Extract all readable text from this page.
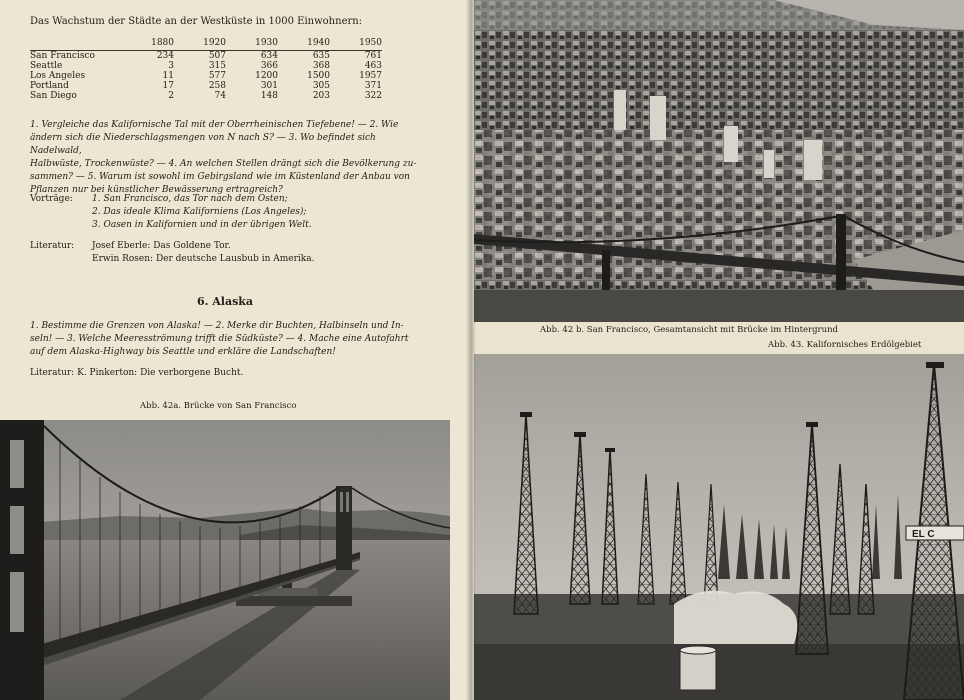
Das Wachstum der Städte an der Westküste in 1000 Einwohnern:
	1880	1920	1930	1940	1950
San Francisco	234	507	634	635	761
Seattle	3	315	366	368	463
Los Angeles	11	577	1200	1500	1957
Portland	17	258	301	305	371
San Diego	2	74	148	203	322
1. Vergleiche das Kalifornische Tal mit der Oberrheinischen Tiefebene! — 2. Wie
ändern sich die Niederschlagsmengen von N nach S? — 3. Wo befindet sich Nadelwald,
Halbwüste, Trockenwüste? — 4. An welchen Stellen drängt sich die Bevölkerung zu-
sammen? — 5. Warum ist sowohl im Gebirgsland wie im Küstenland der Anbau von
Pflanzen nur bei künstlicher Bewässerung ertragreich?
Vorträge: 1. San Francisco, das Tor nach dem Osten;
2. Das ideale Klima Kaliforniens (Los Angeles);
3. Oasen in Kalifornien und in der übrigen Welt.
Literatur: Josef Eberle: Das Goldene Tor.
Erwin Rosen: Der deutsche Lausbub in Amerika.
6. Alaska
1. Bestimme die Grenzen von Alaska! — 2. Merke dir Buchten, Halbinseln und In-
seln! — 3. Welche Meeresströmung trifft die Südküste? — 4. Mache eine Autofahrt
auf dem Alaska-Highway bis Seattle und erkläre die Landschaften!
Literatur: K. Pinkerton: Die verborgene Bucht.
Abb. 42a. Brücke von San Francisco
Abb. 42 b. San Francisco, Gesamtansicht mit Brücke im Hintergrund
Abb. 43. Kalifornisches Erdölgebiet
EL C
